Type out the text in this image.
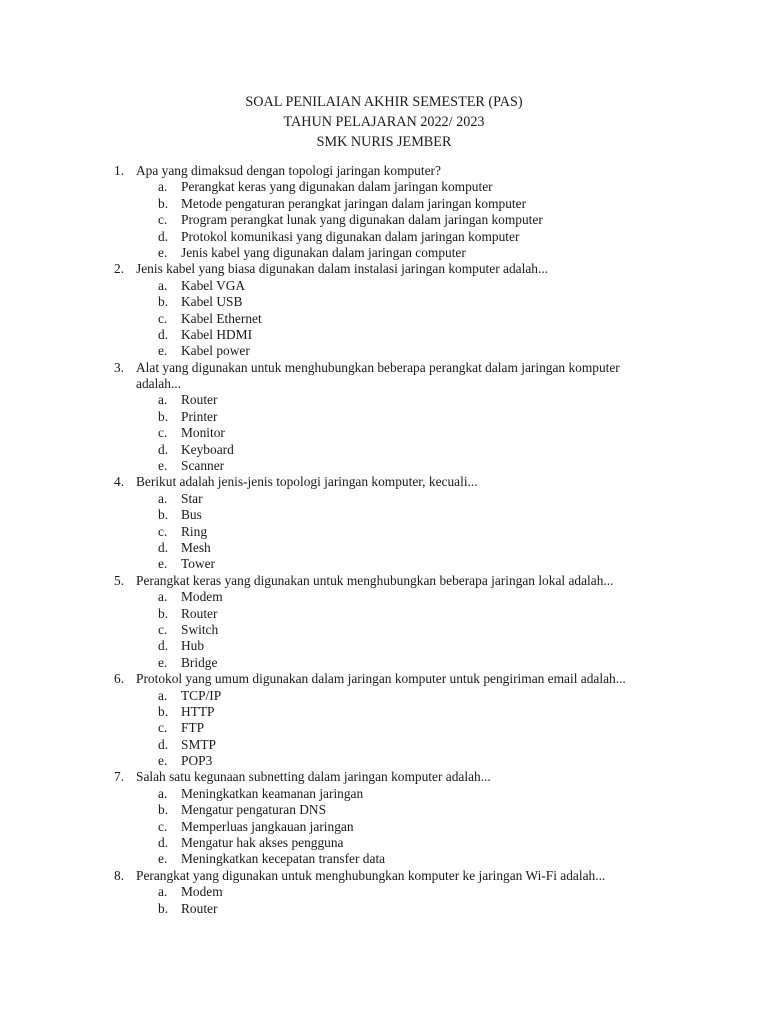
SOAL PENILAIAN AKHIR SEMESTER (PAS)
TAHUN PELAJARAN 2022/ 2023
SMK NURIS JEMBER
1. Apa yang dimaksud dengan topologi jaringan komputer?
a. Perangkat keras yang digunakan dalam jaringan komputer
b. Metode pengaturan perangkat jaringan dalam jaringan komputer
c. Program perangkat lunak yang digunakan dalam jaringan komputer
d. Protokol komunikasi yang digunakan dalam jaringan komputer
e. Jenis kabel yang digunakan dalam jaringan computer
2. Jenis kabel yang biasa digunakan dalam instalasi jaringan komputer adalah...
a. Kabel VGA
b. Kabel USB
c. Kabel Ethernet
d. Kabel HDMI
e. Kabel power
3. Alat yang digunakan untuk menghubungkan beberapa perangkat dalam jaringan komputer
adalah...
a. Router
b. Printer
c. Monitor
d. Keyboard
e. Scanner
4. Berikut adalah jenis-jenis topologi jaringan komputer, kecuali...
a. Star
b. Bus
c. Ring
d. Mesh
e. Tower
5. Perangkat keras yang digunakan untuk menghubungkan beberapa jaringan lokal adalah...
a. Modem
b. Router
c. Switch
d. Hub
e. Bridge
6. Protokol yang umum digunakan dalam jaringan komputer untuk pengiriman email adalah...
a. TCP/IP
b. HTTP
c. FTP
d. SMTP
e. POP3
7. Salah satu kegunaan subnetting dalam jaringan komputer adalah...
a. Meningkatkan keamanan jaringan
b. Mengatur pengaturan DNS
c. Memperluas jangkauan jaringan
d. Mengatur hak akses pengguna
e. Meningkatkan kecepatan transfer data
8. Perangkat yang digunakan untuk menghubungkan komputer ke jaringan Wi-Fi adalah...
a. Modem
b. Router
